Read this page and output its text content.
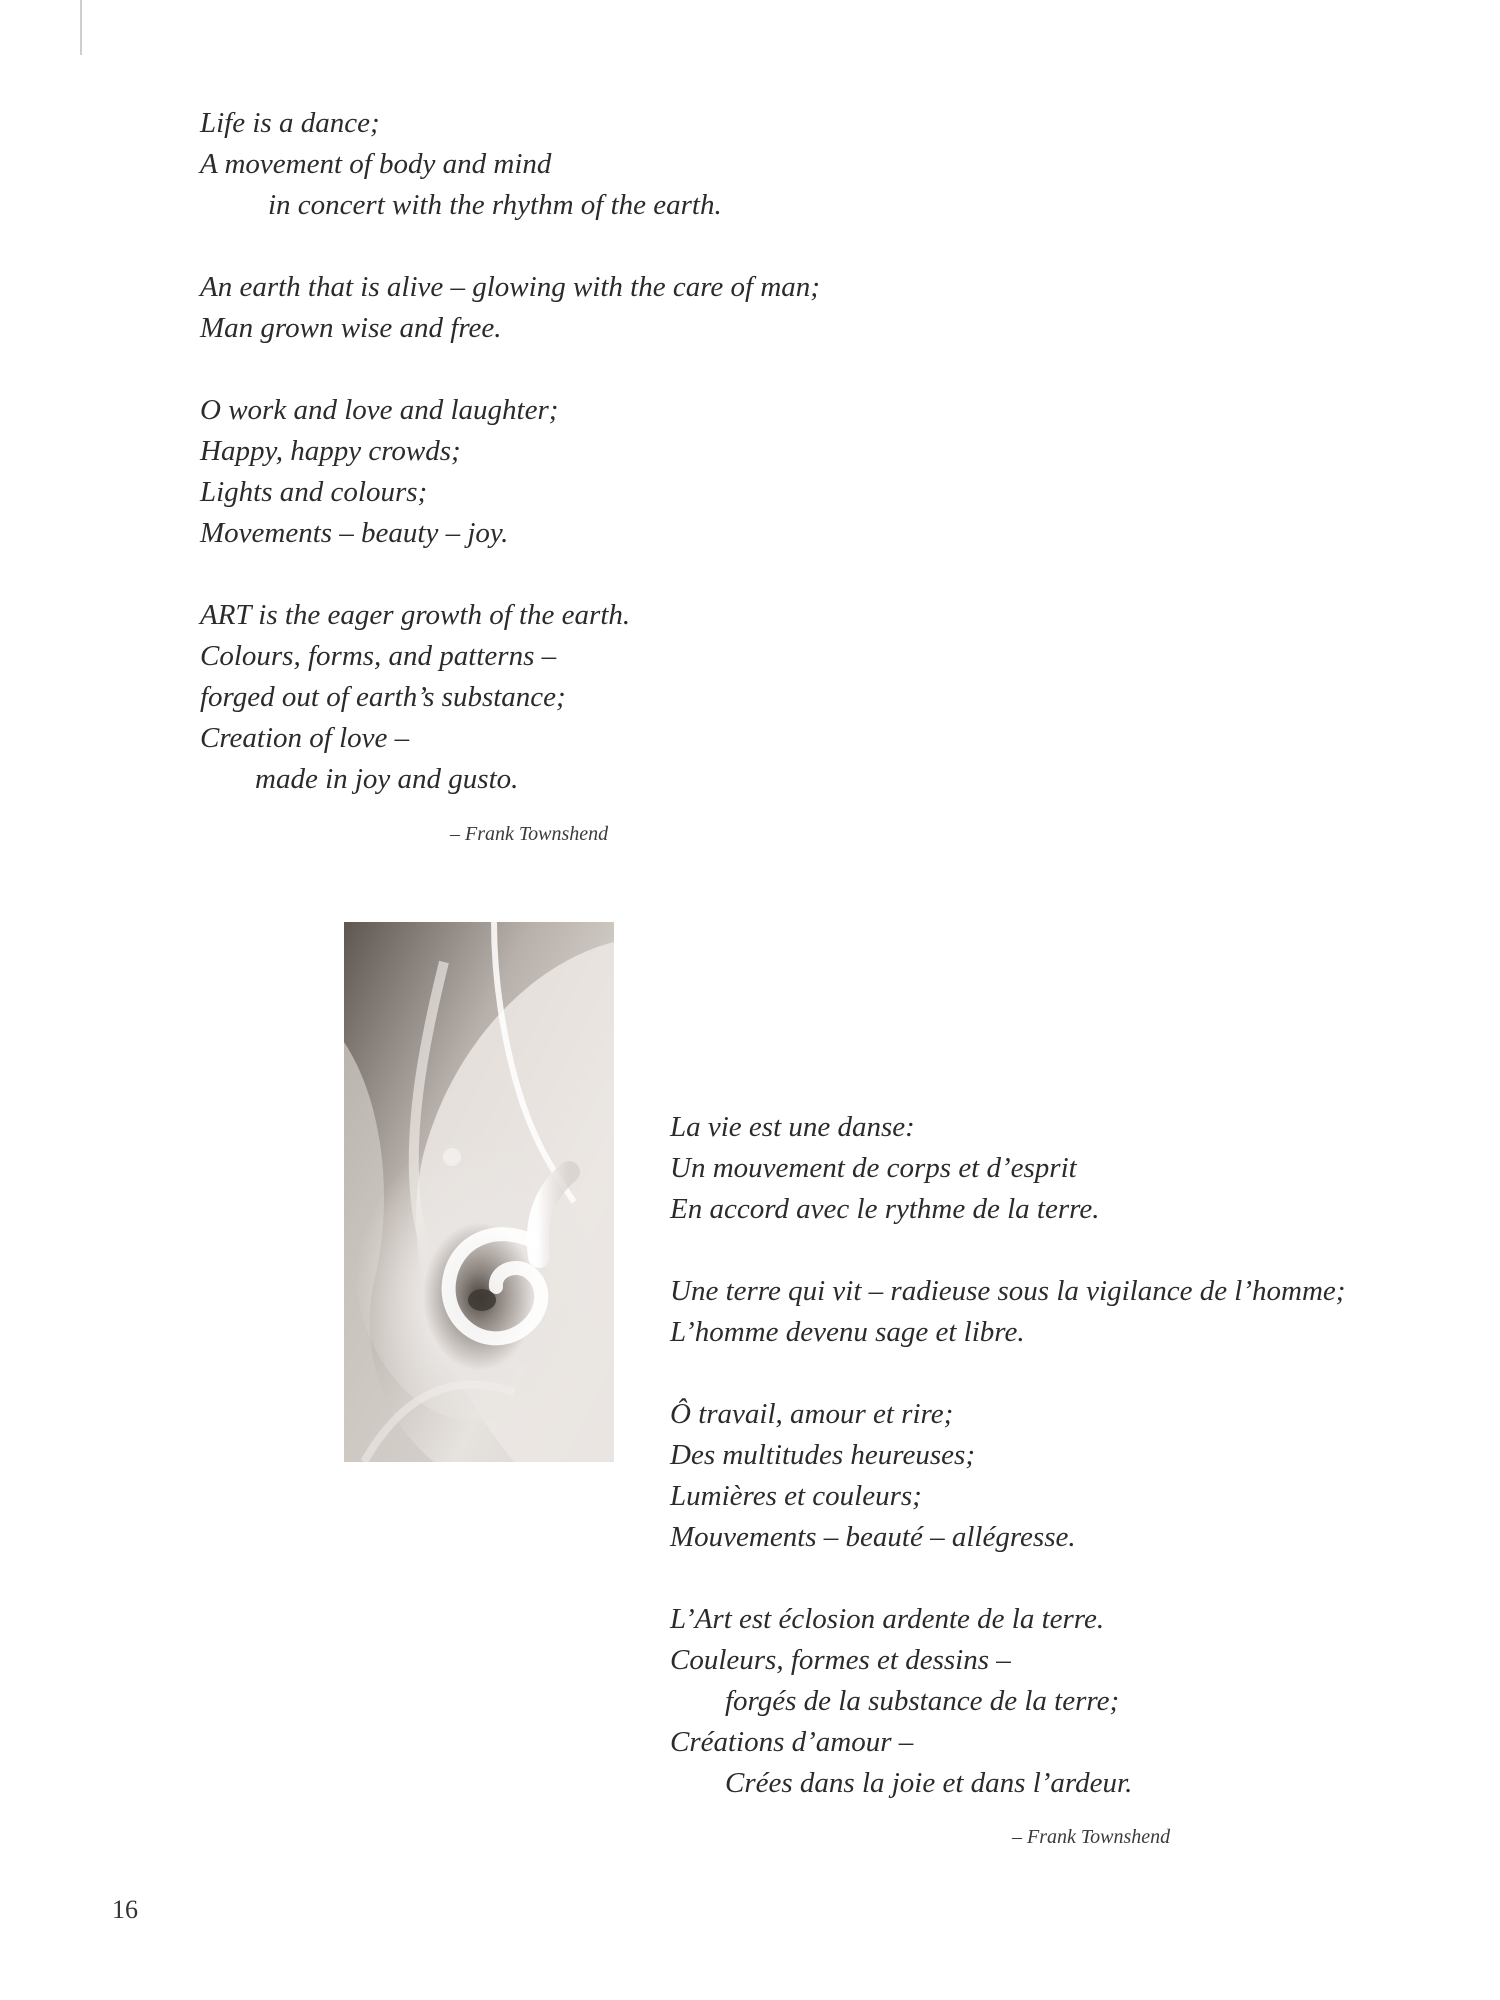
Life is a dance;
A movement of body and mind
in concert with the rhythm of the earth.
An earth that is alive – glowing with the care of man;
Man grown wise and free.
O work and love and laughter;
Happy, happy crowds;
Lights and colours;
Movements – beauty – joy.
ART is the eager growth of the earth.
Colours, forms, and patterns –
forged out of earth’s substance;
Creation of love –
made in joy and gusto.
– Frank Townshend
La vie est une danse:
Un mouvement de corps et d’esprit
En accord avec le rythme de la terre.
Une terre qui vit – radieuse sous la vigilance de l’homme;
L’homme devenu sage et libre.
Ô travail, amour et rire;
Des multitudes heureuses;
Lumières et couleurs;
Mouvements – beauté – allégresse.
L’Art est éclosion ardente de la terre.
Couleurs, formes et dessins –
forgés de la substance de la terre;
Créations d’amour –
Crées dans la joie et dans l’ardeur.
– Frank Townshend
16
